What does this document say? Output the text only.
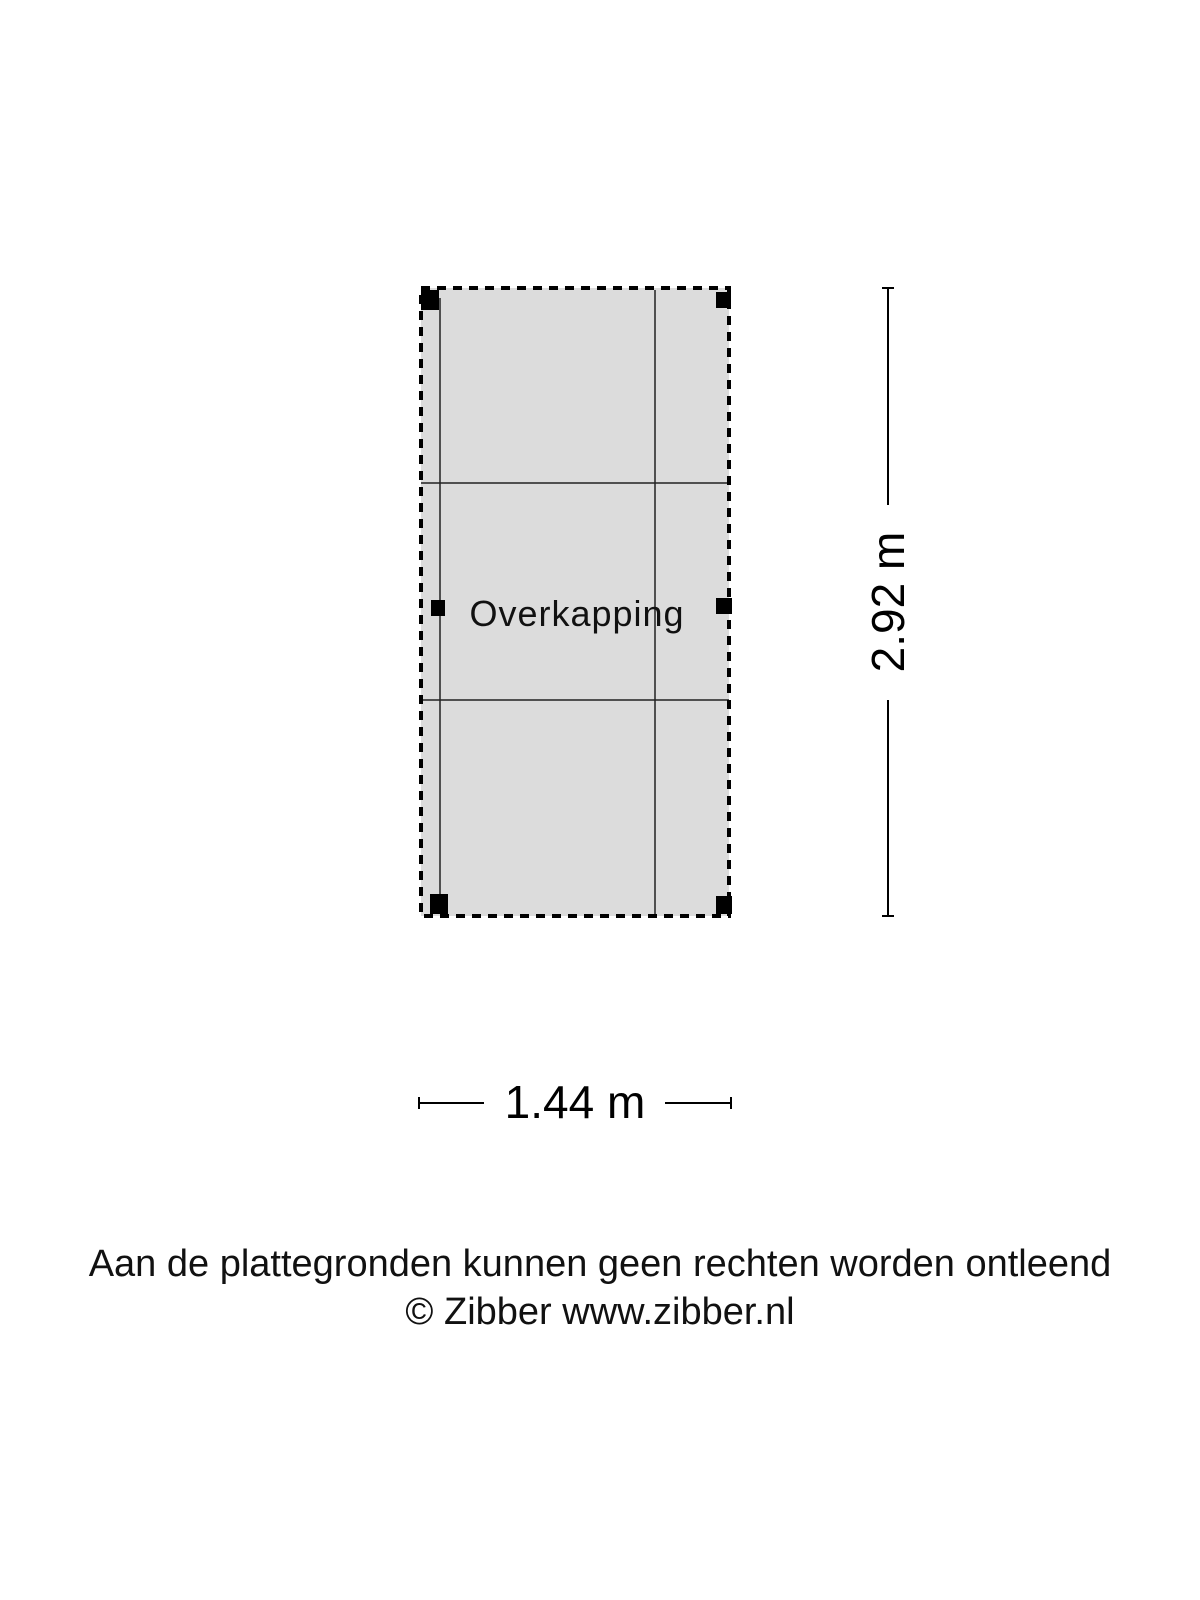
Overkapping	2.92 m
1.44 m
Aan de plattegronden kunnen geen rechten worden ontleend
© Zibber www.zibber.nl
